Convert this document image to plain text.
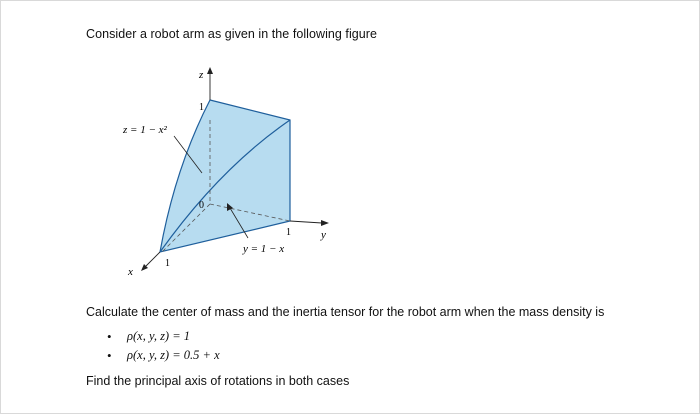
Consider a robot arm as given in the following figure
z
y
x
1
1
1
0
z = 1 − x²
y = 1 − x
Calculate the center of mass and the inertia tensor for the robot arm when the mass density is
• ρ(x, y, z) = 1
• ρ(x, y, z) = 0.5 + x
Find the principal axis of rotations in both cases
